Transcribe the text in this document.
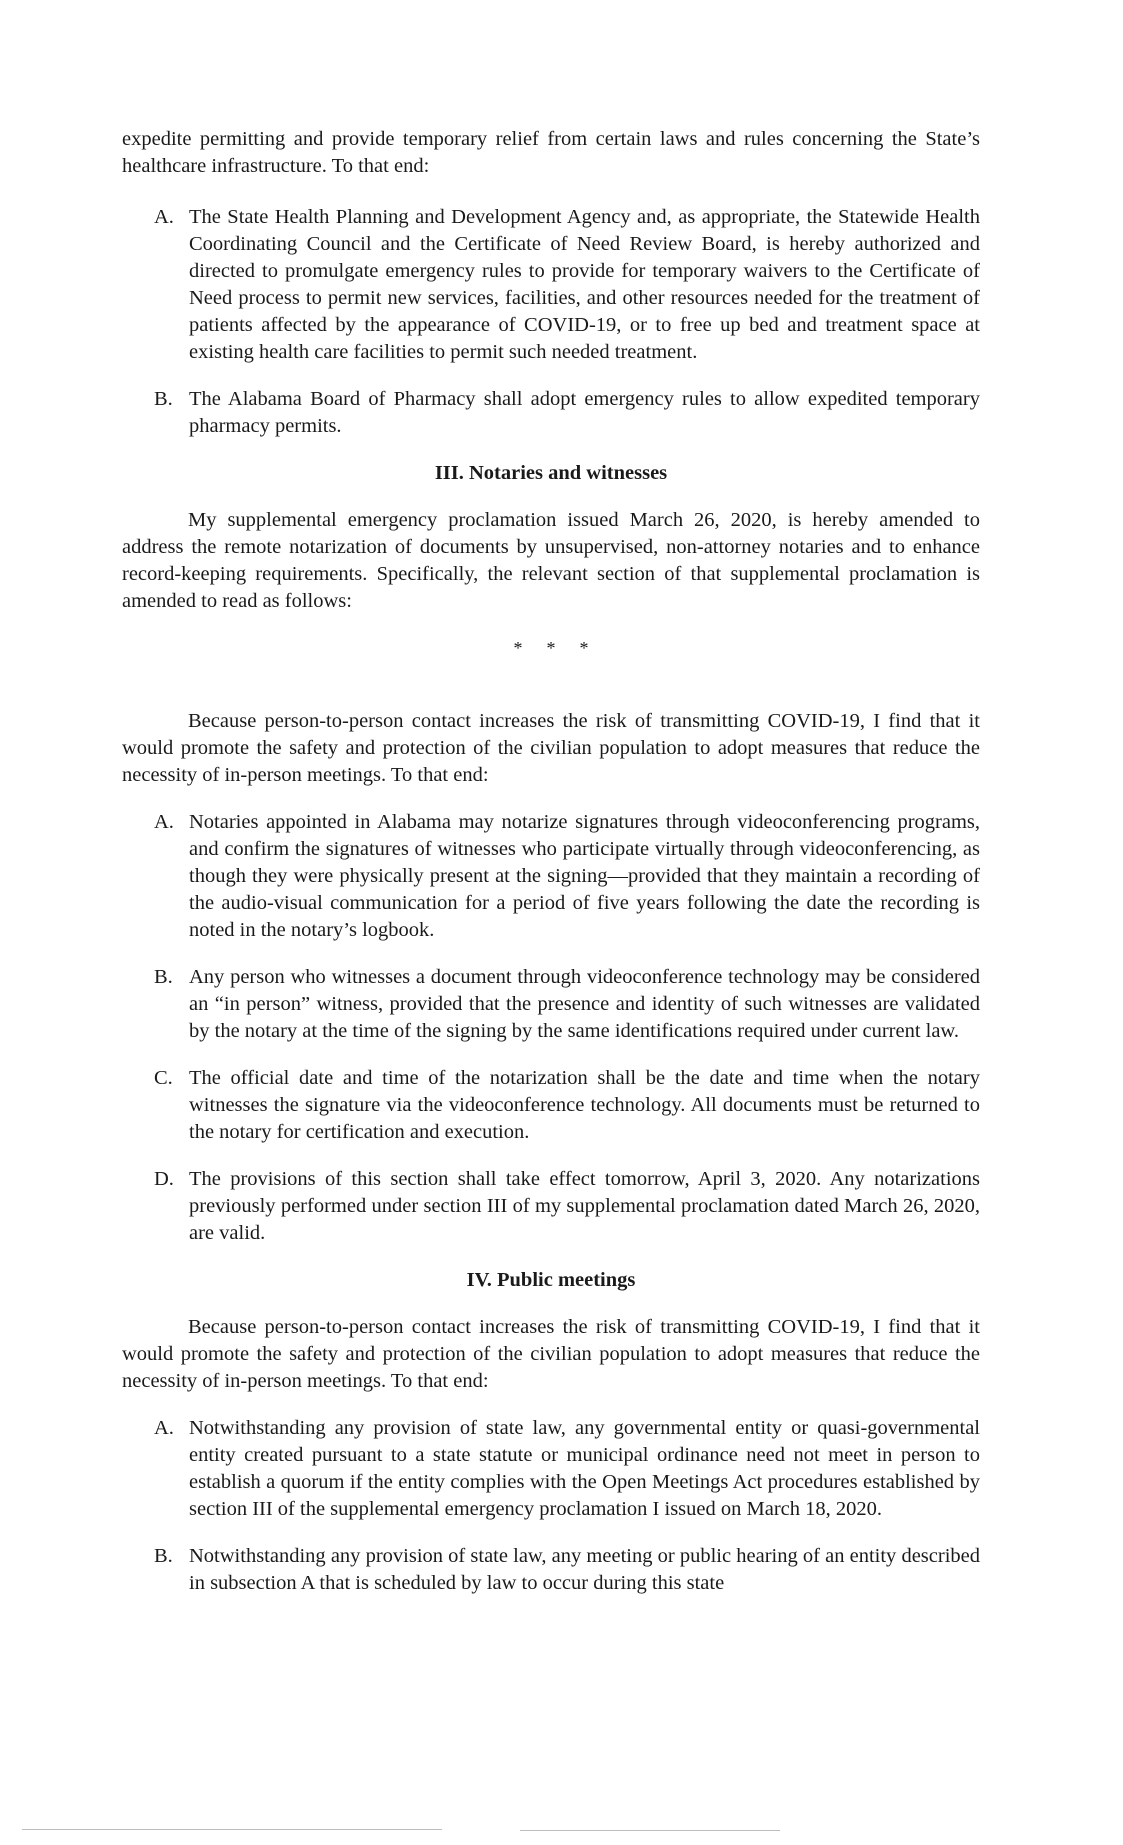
expedite permitting and provide temporary relief from certain laws and rules concerning the State’s healthcare infrastructure. To that end:

A. The State Health Planning and Development Agency and, as appropriate, the Statewide Health Coordinating Council and the Certificate of Need Review Board, is hereby authorized and directed to promulgate emergency rules to provide for temporary waivers to the Certificate of Need process to permit new services, facilities, and other resources needed for the treatment of patients affected by the appearance of COVID-19, or to free up bed and treatment space at existing health care facilities to permit such needed treatment.

B. The Alabama Board of Pharmacy shall adopt emergency rules to allow expedited temporary pharmacy permits.

III. Notaries and witnesses

My supplemental emergency proclamation issued March 26, 2020, is hereby amended to address the remote notarization of documents by unsupervised, non-attorney notaries and to enhance record-keeping requirements. Specifically, the relevant section of that supplemental proclamation is amended to read as follows:

* * *

Because person-to-person contact increases the risk of transmitting COVID-19, I find that it would promote the safety and protection of the civilian population to adopt measures that reduce the necessity of in-person meetings. To that end:

A. Notaries appointed in Alabama may notarize signatures through videoconferencing programs, and confirm the signatures of witnesses who participate virtually through videoconferencing, as though they were physically present at the signing—provided that they maintain a recording of the audio-visual communication for a period of five years following the date the recording is noted in the notary’s logbook.

B. Any person who witnesses a document through videoconference technology may be considered an “in person” witness, provided that the presence and identity of such witnesses are validated by the notary at the time of the signing by the same identifications required under current law.

C. The official date and time of the notarization shall be the date and time when the notary witnesses the signature via the videoconference technology. All documents must be returned to the notary for certification and execution.

D. The provisions of this section shall take effect tomorrow, April 3, 2020. Any notarizations previously performed under section III of my supplemental proclamation dated March 26, 2020, are valid.

IV. Public meetings

Because person-to-person contact increases the risk of transmitting COVID-19, I find that it would promote the safety and protection of the civilian population to adopt measures that reduce the necessity of in-person meetings. To that end:

A. Notwithstanding any provision of state law, any governmental entity or quasi-governmental entity created pursuant to a state statute or municipal ordinance need not meet in person to establish a quorum if the entity complies with the Open Meetings Act procedures established by section III of the supplemental emergency proclamation I issued on March 18, 2020.

B. Notwithstanding any provision of state law, any meeting or public hearing of an entity described in subsection A that is scheduled by law to occur during this state
